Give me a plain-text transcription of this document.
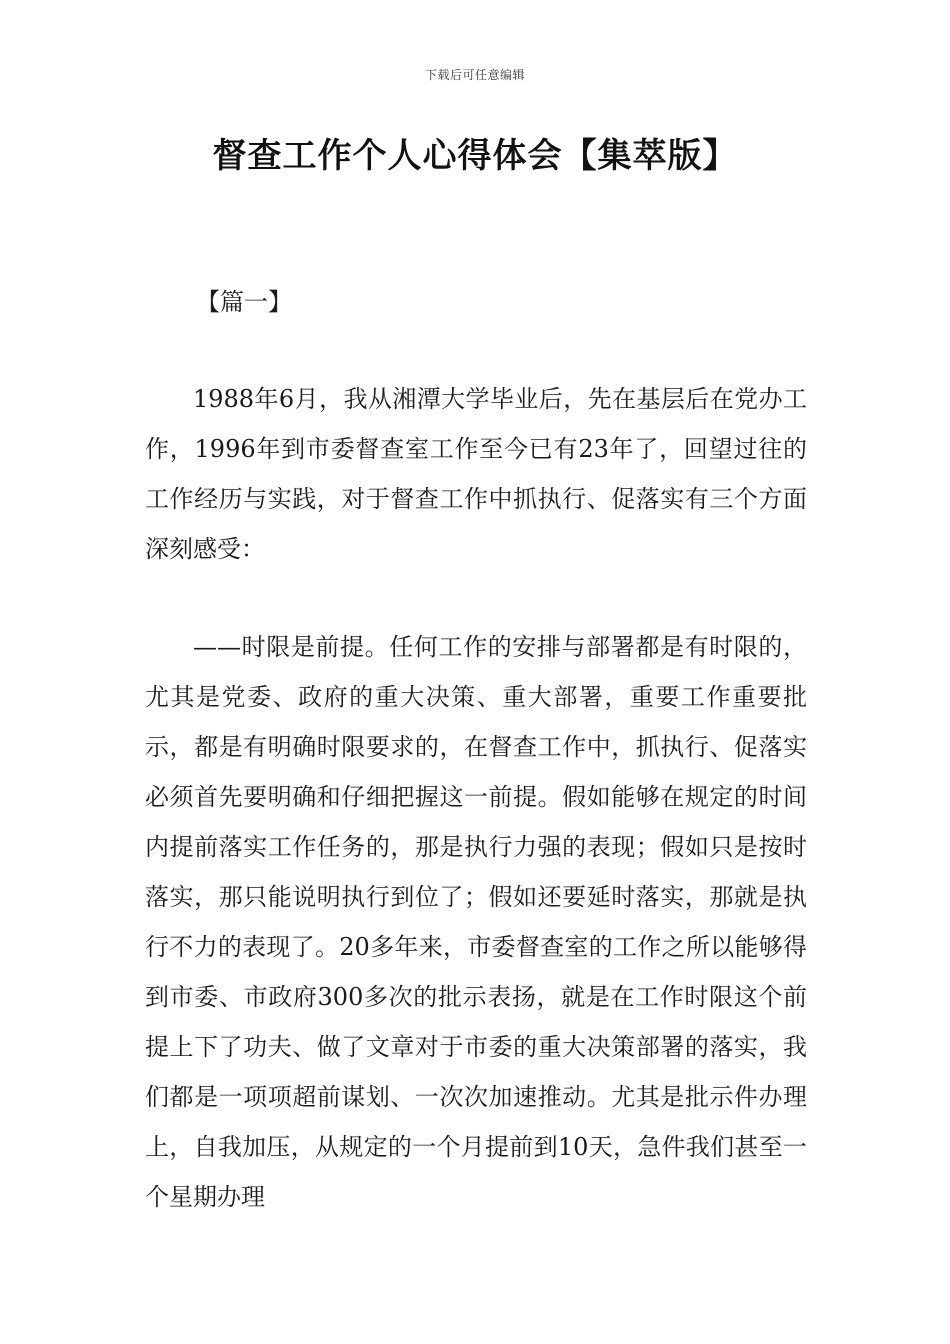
下载后可任意编辑
督查工作个人心得体会【集萃版】
【篇一】

1988年6月，我从湘潭大学毕业后，先在基层后在党办工作，1996年到市委督查室工作至今已有23年了，回望过往的工作经历与实践，对于督查工作中抓执行、促落实有三个方面深刻感受：

——时限是前提。任何工作的安排与部署都是有时限的，尤其是党委、政府的重大决策、重大部署，重要工作重要批示，都是有明确时限要求的，在督查工作中，抓执行、促落实必须首先要明确和仔细把握这一前提。假如能够在规定的时间内提前落实工作任务的，那是执行力强的表现；假如只是按时落实，那只能说明执行到位了；假如还要延时落实，那就是执行不力的表现了。20多年来，市委督查室的工作之所以能够得到市委、市政府300多次的批示表扬，就是在工作时限这个前提上下了功夫、做了文章对于市委的重大决策部署的落实，我们都是一项项超前谋划、一次次加速推动。尤其是批示件办理上，自我加压，从规定的一个月提前到10天，急件我们甚至一个星期办理
